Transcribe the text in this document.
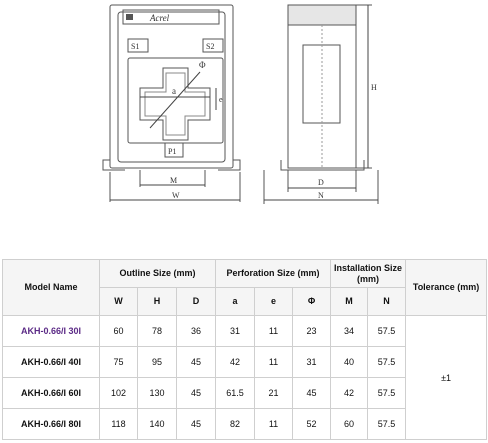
Acrel
S1	S2
P1
Φ
a
e
M
W
H
D
N
Model Name	Outline Size (mm)			Perforation Size (mm)			Installation Size (mm)		Tolerance (mm)
	W	H	D	a	e	Φ	M	N	
AKH-0.66/I 30I	60	78	36	31	11	23	34	57.5	±1
AKH-0.66/I 40I	75	95	45	42	11	31	40	57.5	
AKH-0.66/I 60I	102	130	45	61.5	21	45	42	57.5	
AKH-0.66/I 80I	118	140	45	82	11	52	60	57.5	
